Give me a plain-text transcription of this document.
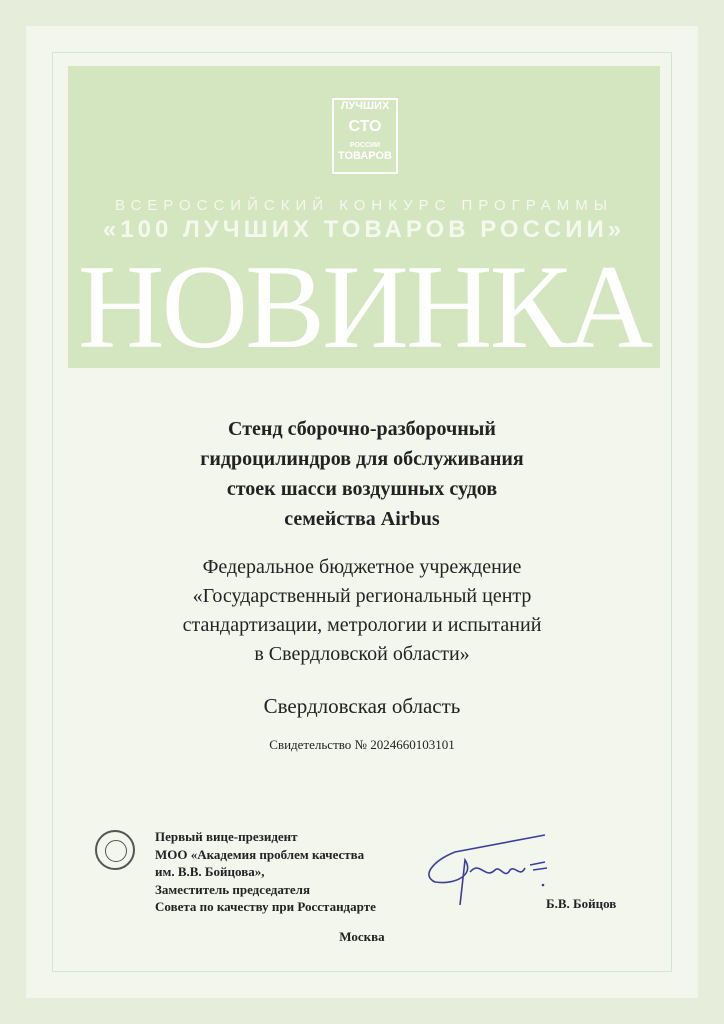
ЛУЧШИХ
СТО
РОССИИ
ТОВАРОВ
ВСЕРОССИЙСКИЙ КОНКУРС ПРОГРАММЫ
«100 ЛУЧШИХ ТОВАРОВ РОССИИ»
НОВИНКА
Стенд сборочно-разборочный
гидроцилиндров для обслуживания
стоек шасси воздушных судов
семейства Airbus
Федеральное бюджетное учреждение
«Государственный региональный центр
стандартизации, метрологии и испытаний
в Свердловской области»
Свердловская область
Свидетельство № 2024660103101
Первый вице-президент
МОО «Академия проблем качества
им. В.В. Бойцова»,
Заместитель председателя
Совета по качеству при Росстандарте	Б.В. Бойцов
Москва
